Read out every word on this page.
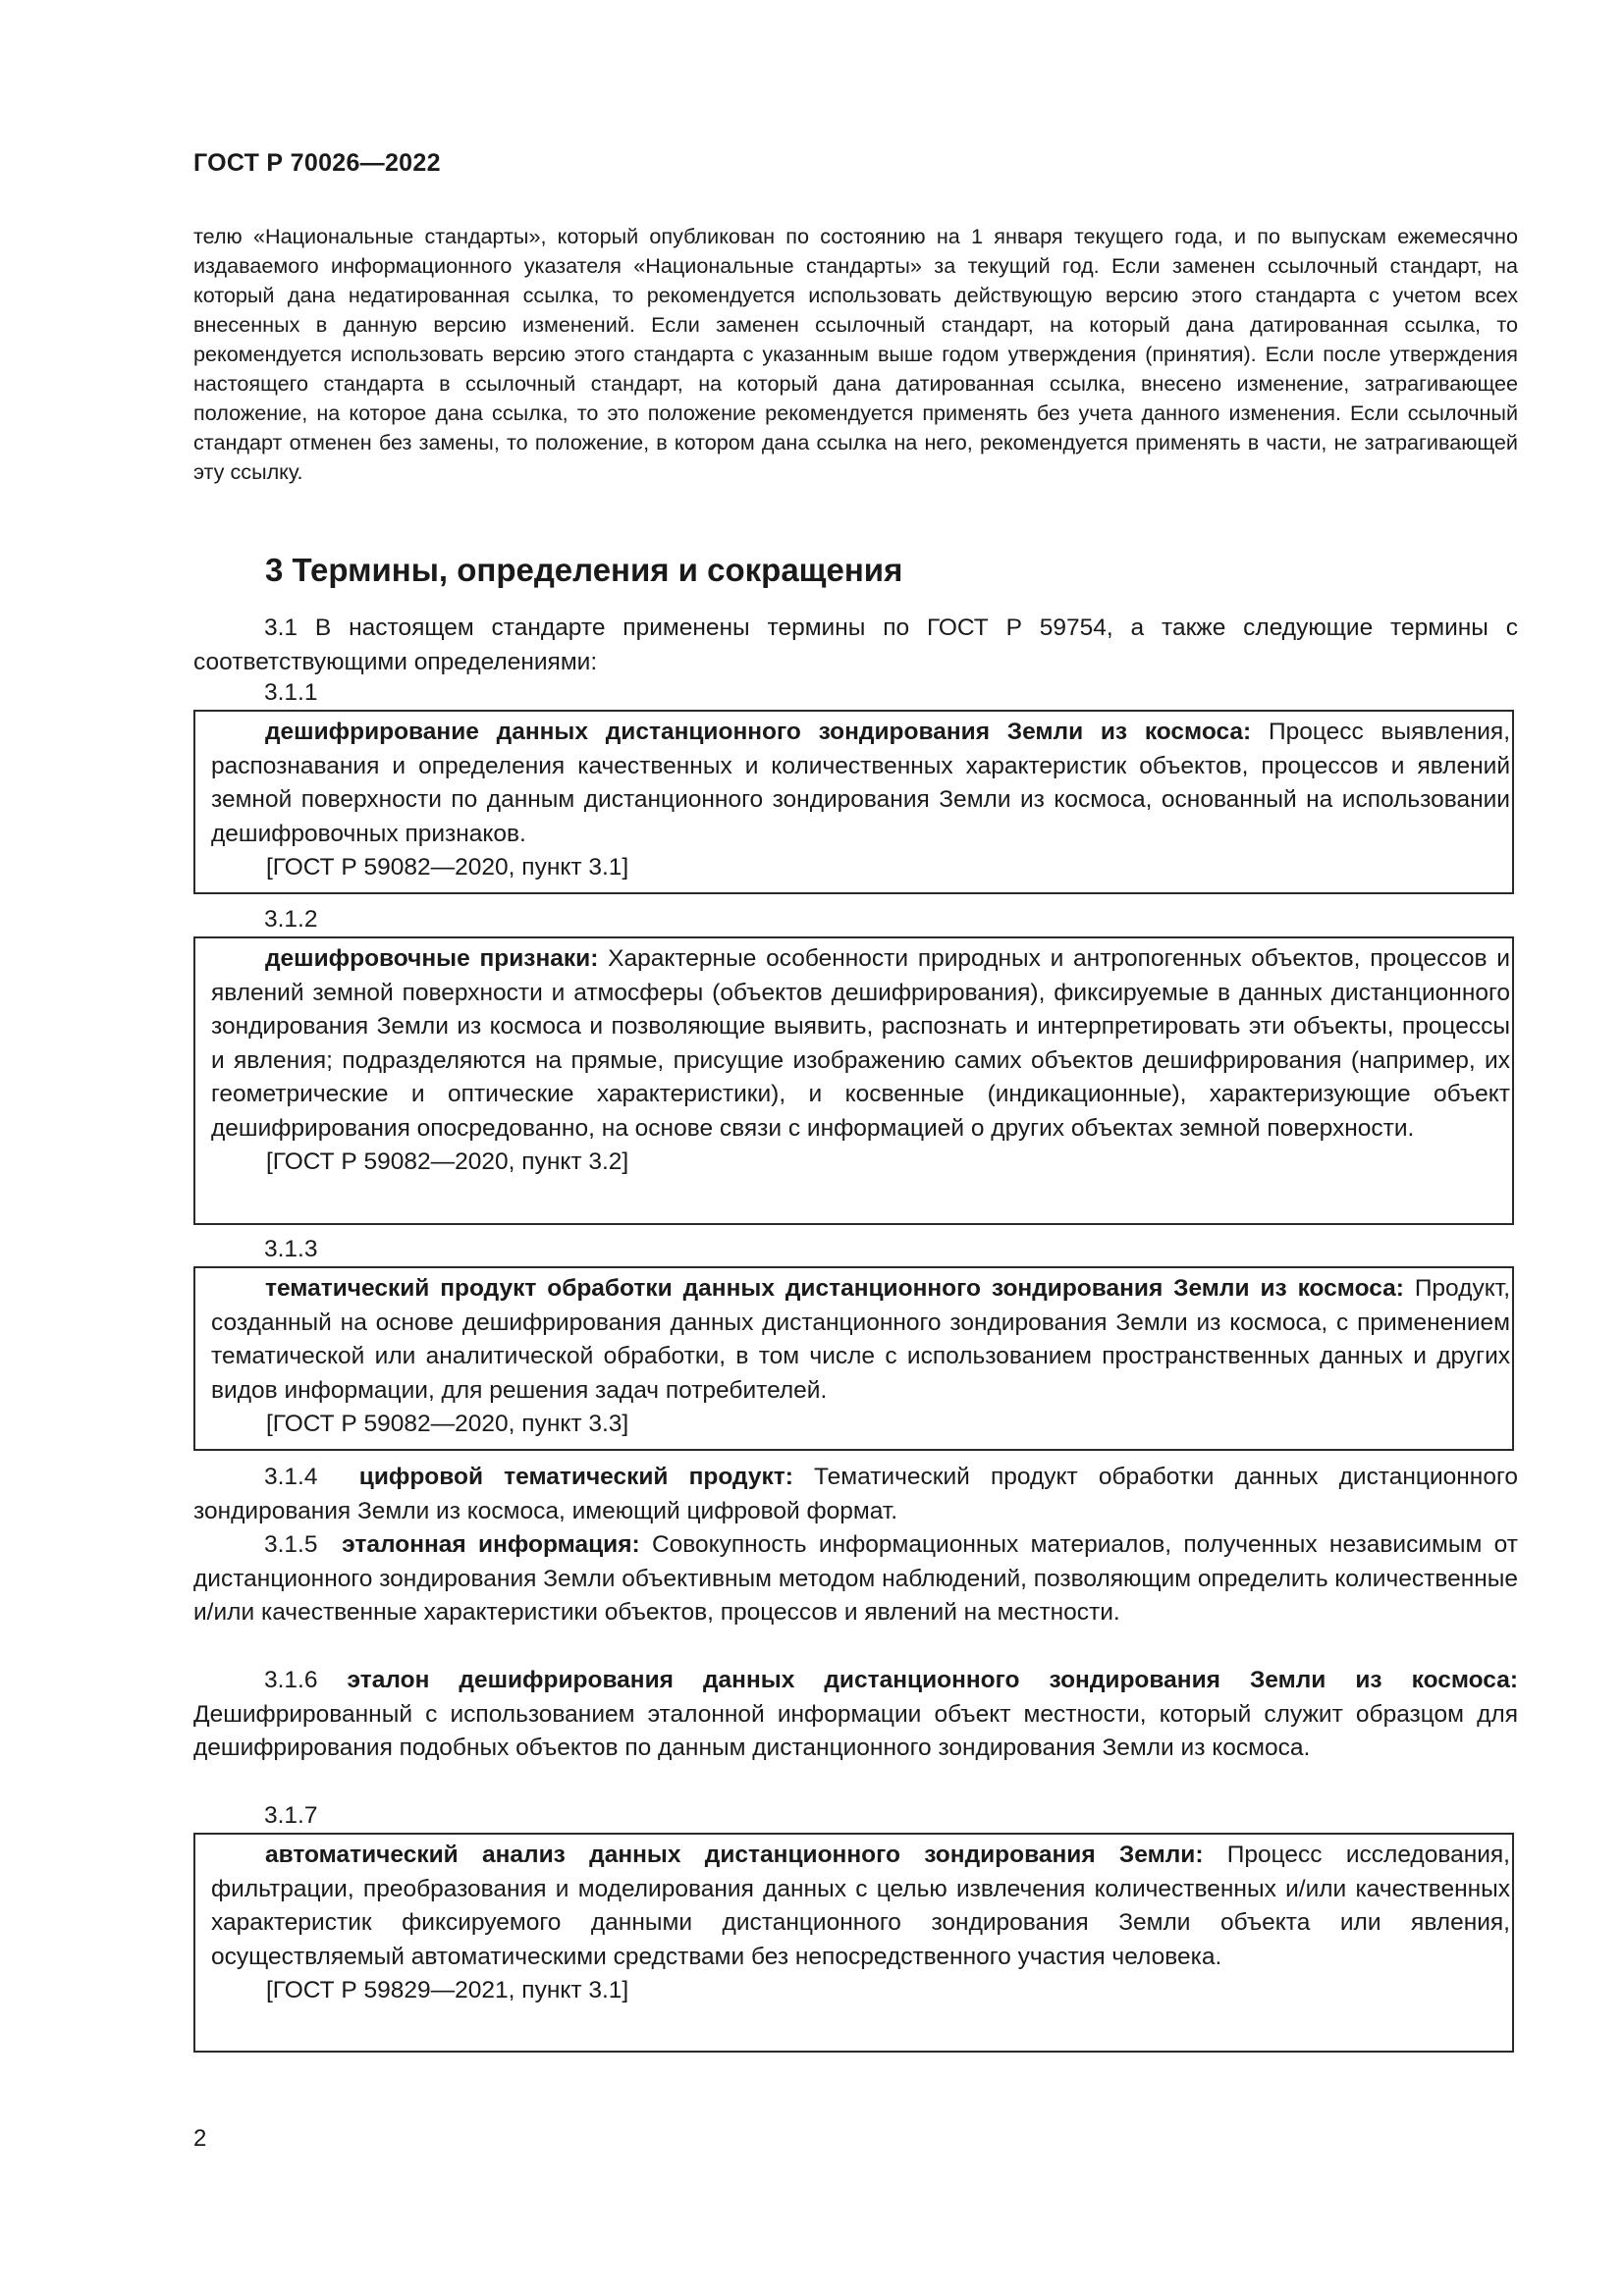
ГОСТ Р 70026—2022

телю «Национальные стандарты», который опубликован по состоянию на 1 января текущего года, и по выпускам ежемесячно издаваемого информационного указателя «Национальные стандарты» за текущий год. Если заменен ссылочный стандарт, на который дана недатированная ссылка, то рекомендуется использовать действующую версию этого стандарта с учетом всех внесенных в данную версию изменений. Если заменен ссылочный стандарт, на который дана датированная ссылка, то рекомендуется использовать версию этого стандарта с указанным выше годом утверждения (принятия). Если после утверждения настоящего стандарта в ссылочный стандарт, на который дана датированная ссылка, внесено изменение, затрагивающее положение, на которое дана ссылка, то это положение рекомендуется применять без учета данного изменения. Если ссылочный стандарт отменен без замены, то положение, в котором дана ссылка на него, рекомендуется применять в части, не затрагивающей эту ссылку.

3 Термины, определения и сокращения

3.1 В настоящем стандарте применены термины по ГОСТ Р 59754, а также следующие термины с соответствующими определениями:

3.1.1

дешифрирование данных дистанционного зондирования Земли из космоса: Процесс выявления, распознавания и определения качественных и количественных характеристик объектов, процессов и явлений земной поверхности по данным дистанционного зондирования Земли из космоса, основанный на использовании дешифровочных признаков.

[ГОСТ Р 59082—2020, пункт 3.1]

3.1.2

дешифровочные признаки: Характерные особенности природных и антропогенных объектов, процессов и явлений земной поверхности и атмосферы (объектов дешифрирования), фиксируемые в данных дистанционного зондирования Земли из космоса и позволяющие выявить, распознать и интерпретировать эти объекты, процессы и явления; подразделяются на прямые, присущие изображению самих объектов дешифрирования (например, их геометрические и оптические характеристики), и косвенные (индикационные), характеризующие объект дешифрирования опосредованно, на основе связи с информацией о других объектах земной поверхности.

[ГОСТ Р 59082—2020, пункт 3.2]

3.1.3

тематический продукт обработки данных дистанционного зондирования Земли из космоса: Продукт, созданный на основе дешифрирования данных дистанционного зондирования Земли из космоса, с применением тематической или аналитической обработки, в том числе с использованием пространственных данных и других видов информации, для решения задач потребителей.

[ГОСТ Р 59082—2020, пункт 3.3]

3.1.4 цифровой тематический продукт: Тематический продукт обработки данных дистанционного зондирования Земли из космоса, имеющий цифровой формат.

3.1.5 эталонная информация: Совокупность информационных материалов, полученных независимым от дистанционного зондирования Земли объективным методом наблюдений, позволяющим определить количественные и/или качественные характеристики объектов, процессов и явлений на местности.

3.1.6 эталон дешифрирования данных дистанционного зондирования Земли из космоса: Дешифрированный с использованием эталонной информации объект местности, который служит образцом для дешифрирования подобных объектов по данным дистанционного зондирования Земли из космоса.

3.1.7

автоматический анализ данных дистанционного зондирования Земли: Процесс исследования, фильтрации, преобразования и моделирования данных с целью извлечения количественных и/или качественных характеристик фиксируемого данными дистанционного зондирования Земли объекта или явления, осуществляемый автоматическими средствами без непосредственного участия человека.

[ГОСТ Р 59829—2021, пункт 3.1]

2
